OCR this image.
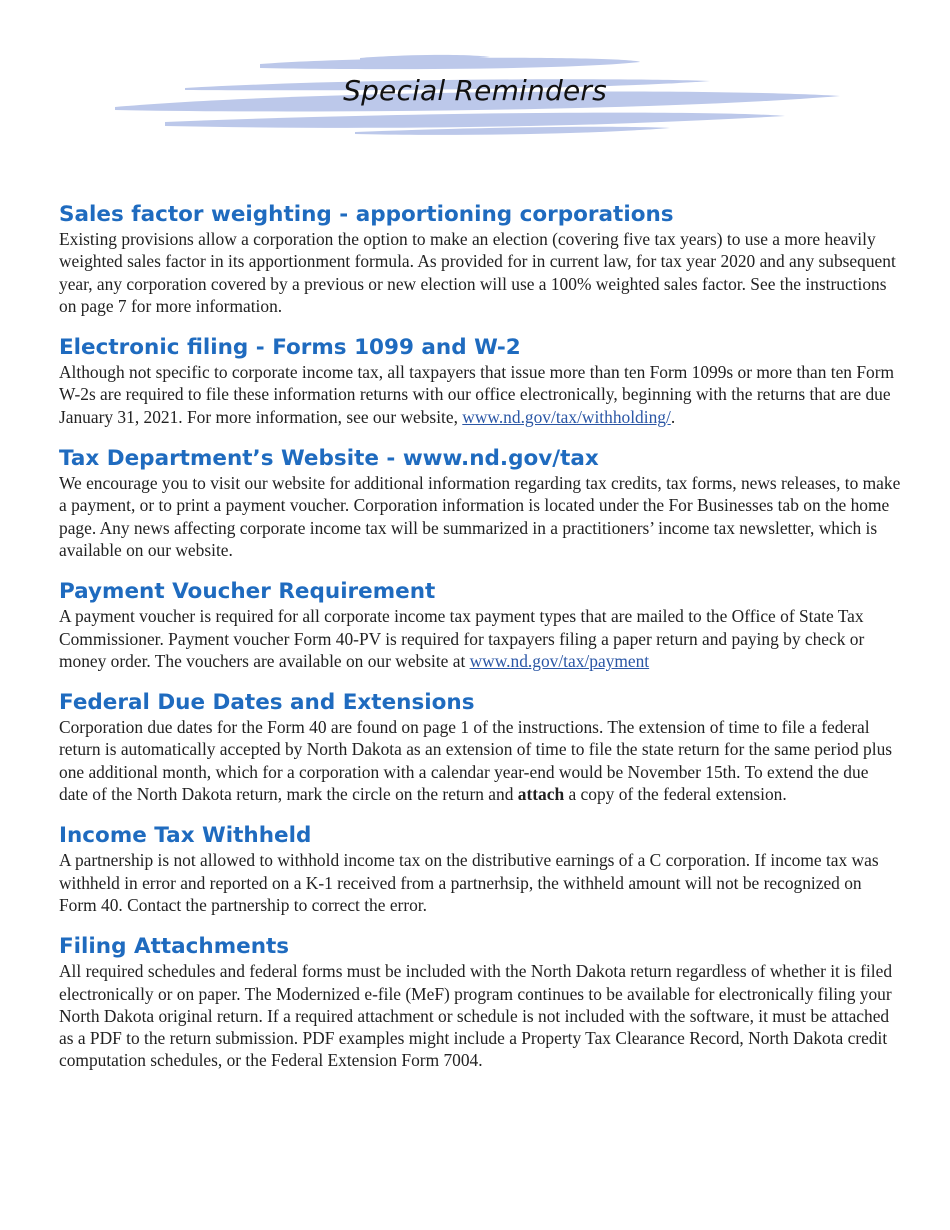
Special Reminders
Sales factor weighting - apportioning corporations

Existing provisions allow a corporation the option to make an election (covering five tax years) to use a more heavily weighted sales factor in its apportionment formula. As provided for in current law, for tax year 2020 and any subsequent year, any corporation covered by a previous or new election will use a 100% weighted sales factor. See the instructions on page 7 for more information.

Electronic filing - Forms 1099 and W-2

Although not specific to corporate income tax, all taxpayers that issue more than ten Form 1099s or more than ten Form W-2s are required to file these information returns with our office electronically, beginning with the returns that are due January 31, 2021. For more information, see our website, www.nd.gov/tax/withholding/.

Tax Department’s Website - www.nd.gov/tax

We encourage you to visit our website for additional information regarding tax credits, tax forms, news releases, to make a payment, or to print a payment voucher. Corporation information is located under the For Businesses tab on the home page. Any news affecting corporate income tax will be summarized in a practitioners’ income tax newsletter, which is available on our website.

Payment Voucher Requirement

A payment voucher is required for all corporate income tax payment types that are mailed to the Office of State Tax Commissioner. Payment voucher Form 40-PV is required for taxpayers filing a paper return and paying by check or money order. The vouchers are available on our website at www.nd.gov/tax/payment

Federal Due Dates and Extensions

Corporation due dates for the Form 40 are found on page 1 of the instructions. The extension of time to file a federal return is automatically accepted by North Dakota as an extension of time to file the state return for the same period plus one additional month, which for a corporation with a calendar year-end would be November 15th. To extend the due date of the North Dakota return, mark the circle on the return and attach a copy of the federal extension.

Income Tax Withheld

A partnership is not allowed to withhold income tax on the distributive earnings of a C corporation. If income tax was withheld in error and reported on a K-1 received from a partnerhsip, the withheld amount will not be recognized on Form 40. Contact the partnership to correct the error.

Filing Attachments

All required schedules and federal forms must be included with the North Dakota return regardless of whether it is filed electronically or on paper. The Modernized e-file (MeF) program continues to be available for electronically filing your North Dakota original return. If a required attachment or schedule is not included with the software, it must be attached as a PDF to the return submission. PDF examples might include a Property Tax Clearance Record, North Dakota credit computation schedules, or the Federal Extension Form 7004.
